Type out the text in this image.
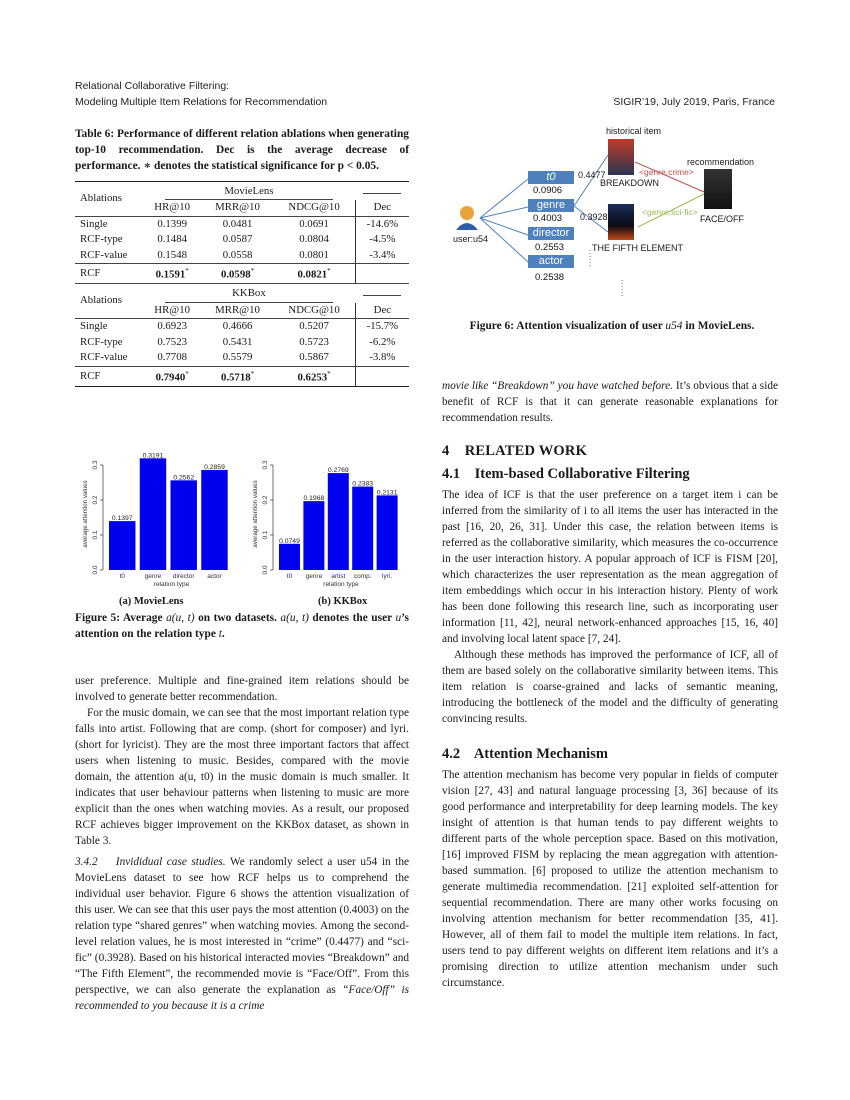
Relational Collaborative Filtering:
Modeling Multiple Item Relations for Recommendation	SIGIR’19, July 2019, Paris, France
Table 6: Performance of different relation ablations when generating top-10 recommendation. Dec is the average decrease of performance. ∗ denotes the statistical significance for p < 0.05.
Ablations	MovieLens			
	HR@10	MRR@10	NDCG@10	Dec
Single	0.1399	0.0481	0.0691	-14.6%
RCF-type	0.1484	0.0587	0.0804	-4.5%
RCF-value	0.1548	0.0558	0.0801	-3.4%
RCF	0.1591*	0.0598*	0.0821*	
Ablations	KKBox			
	HR@10	MRR@10	NDCG@10	Dec
Single	0.6923	0.4666	0.5207	-15.7%
RCF-type	0.7523	0.5431	0.5723	-6.2%
RCF-value	0.7708	0.5579	0.5867	-3.8%
RCF	0.7940*	0.5718*	0.6253*	

0.0
0.1
0.2
0.3
average attention values	0.1397
t0
0.3191
genre
0.2562
director
0.2859
actor
relation type
0.0
0.1
0.2
0.3
average attention values	0.0749
t0
0.1968
genre
0.2769
artist
0.2383
comp.
0.2131
lyri.
relation type
(a) MovieLens	(b) KKBox
Figure 5: Average a(u, t) on two datasets. a(u, t) denotes the user u’s attention on the relation type t.

user preference. Multiple and fine-grained item relations should be involved to generate better recommendation.

For the music domain, we can see that the most important relation type falls into artist. Following that are comp. (short for composer) and lyri. (short for lyricist). They are the most three important factors that affect users when listening to music. Besides, compared with the movie domain, the attention a(u, t0) in the music domain is much smaller. It indicates that user behaviour patterns when listening to music are more explicit than the ones when watching movies. As a result, our proposed RCF achieves bigger improvement on the KKBox dataset, as shown in Table 3.

3.4.2    Invididual case studies. We randomly select a user u54 in the MovieLens dataset to see how RCF helps us to comprehend the individual user behavior. Figure 6 shows the attention visualization of this user. We can see that this user pays the most attention (0.4003) on the relation type “shared genres” when watching movies. Among the second-level relation values, he is most interested in “crime” (0.4477) and “sci-fic” (0.3928). Based on his historical interacted movies “Breakdown” and “The Fifth Element”, the recommended movie is “Face/Off”. From this perspective, we can also generate the explanation as “Face/Off” is recommended to you because it is a crime

historical item
recommendation
BREAKDOWN
THE FIFTH ELEMENT
FACE/OFF
0.4477
0.3928
<genre,crime>
<genre,sci-fic>
t0
0.0906
genre
0.4003
director
0.2553
actor
0.2538
user:u54
Figure 6: Attention visualization of user u54 in MovieLens.

movie like “Breakdown” you have watched before. It’s obvious that a side benefit of RCF is that it can generate reasonable explanations for recommendation results.

4    RELATED WORK
4.1    Item-based Collaborative Filtering

The idea of ICF is that the user preference on a target item i can be inferred from the similarity of i to all items the user has interacted in the past [16, 20, 26, 31]. Under this case, the relation between items is referred as the collaborative similarity, which measures the co-occurrence in the user interaction history. A popular approach of ICF is FISM [20], which characterizes the user representation as the mean aggregation of item embeddings which occur in his interaction history. Plenty of work has been done following this research line, such as incorporating user information [11, 42], neural network-enhanced approaches [15, 16, 40] and involving local latent space [7, 24].

Although these methods has improved the performance of ICF, all of them are based solely on the collaborative similarity between items. This item relation is coarse-grained and lacks of semantic meaning, introducing the bottleneck of the model and the difficulty of generating convincing results.

4.2    Attention Mechanism

The attention mechanism has become very popular in fields of computer vision [27, 43] and natural language processing [3, 36] because of its good performance and interpretability for deep learning models. The key insight of attention is that human tends to pay different weights to different parts of the whole perception space. Based on this motivation, [16] improved FISM by replacing the mean aggregation with attention-based summation. [6] proposed to utilize the attention mechanism to generate multimedia recommendation. [21] exploited self-attention for sequential recommendation. There are many other works focusing on involving attention mechanism for better recommendation [35, 41]. However, all of them fail to model the multiple item relations. In fact, users tend to pay different weights on different item relations and it’s a promising direction to utilize attention mechanism under such circumstance.
